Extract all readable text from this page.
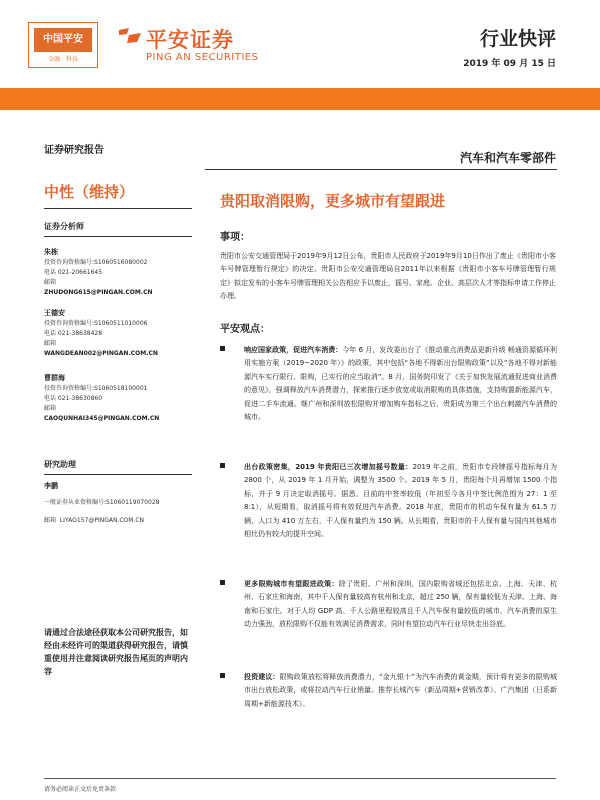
中国平安
金融 · 科技
平安证券
PING AN SECURITIES
行业快评
2019 年 09 月 15 日
证券研究报告
汽车和汽车零部件
中性（维持）
证券分析师
朱栋
投资咨询资格编号:S1060516080002
电话 021-20661645
邮箱
ZHUDONG615@PINGAN.COM.CN
王德安
投资咨询资格编号:S1060511010006
电话 021-38638428
邮箱
WANGDEAN002@PINGAN.COM.CN
曹群海
投资咨询资格编号:S1060518100001
电话 021-38630860
邮箱
CAOQUNHAI345@PINGAN.COM.CN
研究助理
李鹏
一般证券从业资格编号:S1060119070028
邮箱 LIYAO157@PINGAN.COM.CN
请通过合法途径获取本公司研究报告，如经由未经许可的渠道获得研究报告，请慎重使用并注意阅读研究报告尾页的声明内容
贵阳取消限购，更多城市有望跟进
事项：
贵阳市公安交通管理局于2019年9月12日公布，贵阳市人民政府于2019年9月10日作出了废止《贵阳市小客车号牌管理暂行规定》的决定。贵阳市公安交通管理局自2011年以来根据《贵阳市小客车号牌管理暂行规定》拟定发布的小客车号牌管理相关公告相应予以废止，摇号、家庭、企业、高层次人才等指标申请工作停止办理。
平安观点：
响应国家政策，促进汽车消费：今年 6 月，发改委出台了《推动重点消费品更新升级 畅通资源循环利用实施方案（2019~2020 年）》的政策，其中包括“各地不得新出台限购政策”以及“各地不得对新能源汽车实行限行、限购，已实行的应当取消”。8 月，国务院印发了《关于加快发展流通促进商业消费的意见》，强调释放汽车消费潜力，探索推行逐步放宽或取消限购的具体措施，支持购置新能源汽车，促进二手车流通。继广州和深圳放松限购并增加购车指标之后，贵阳成为第三个出台刺激汽车消费的城市。
出台政策密集，2019 年贵阳已三次增加摇号数量：2019 年之前，贵阳市专段牌摇号指标每月为 2800 个，从 2019 年 1 月开始，调整为 3500 个。2019 年 5 月，贵阳每个月再增加 1500 个指标，并于 9 月决定取消摇号。据悉，目前的中签率较低（年初至今各月中签比例范围为 27：1 至 8:1），从短期看，取消摇号将有效促进汽车消费。2018 年底，贵阳市的机动车保有量为 61.5 万辆，人口为 410 万左右，千人保有量约为 150 辆。从长期看，贵阳市的千人保有量与国内其他城市相比仍有较大的提升空间。
更多限购城市有望跟进政策：除了贵阳、广州和深圳，国内限购省城还包括北京、上海、天津、杭州、石家庄和海南，其中千人保有量较高有杭州和北京，超过 250 辆，保有量较低为天津、上海、海南和石家庄。对于人均 GDP 高、千人公路里程较高且千人汽车保有量较低的城市，汽车消费的原生动力强劲，放松限购不仅能有效满足消费需求，同时有望拉动汽车行业尽快走出谷底。
投资建议：限购政策放松将释放消费潜力，“金九银十”为汽车消费的黄金期，预计将有更多的限购城市出台放松政策，或将拉动汽车行业销量。推荐长城汽车（新品周期+营销改革）、广汽集团（日系新周期+新能源技术）。
请务必阅读正文后免责条款
